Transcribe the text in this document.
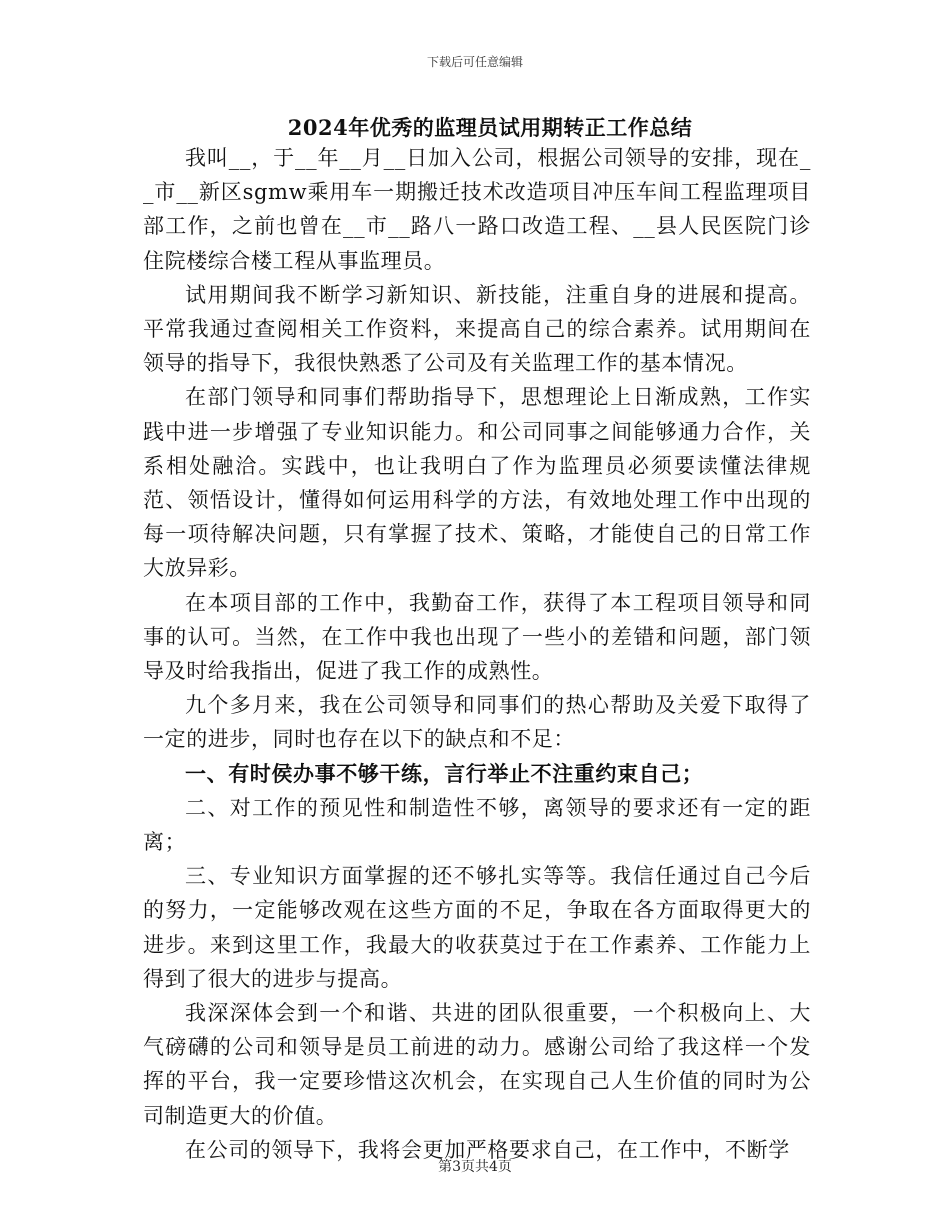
下载后可任意编辑
2024年优秀的监理员试用期转正工作总结

我叫__，于__年__月__日加入公司，根据公司领导的安排，现在__市__新区sgmw乘用车一期搬迁技术改造项目冲压车间工程监理项目部工作，之前也曾在__市__路八一路口改造工程、__县人民医院门诊住院楼综合楼工程从事监理员。

试用期间我不断学习新知识、新技能，注重自身的进展和提高。平常我通过查阅相关工作资料，来提高自己的综合素养。试用期间在领导的指导下，我很快熟悉了公司及有关监理工作的基本情况。

在部门领导和同事们帮助指导下，思想理论上日渐成熟，工作实践中进一步增强了专业知识能力。和公司同事之间能够通力合作，关系相处融洽。实践中，也让我明白了作为监理员必须要读懂法律规范、领悟设计，懂得如何运用科学的方法，有效地处理工作中出现的每一项待解决问题，只有掌握了技术、策略，才能使自己的日常工作大放异彩。

在本项目部的工作中，我勤奋工作，获得了本工程项目领导和同事的认可。当然，在工作中我也出现了一些小的差错和问题，部门领导及时给我指出，促进了我工作的成熟性。

九个多月来，我在公司领导和同事们的热心帮助及关爱下取得了一定的进步，同时也存在以下的缺点和不足：

一、有时侯办事不够干练，言行举止不注重约束自己；

二、对工作的预见性和制造性不够，离领导的要求还有一定的距离；

三、专业知识方面掌握的还不够扎实等等。我信任通过自己今后的努力，一定能够改观在这些方面的不足，争取在各方面取得更大的进步。来到这里工作，我最大的收获莫过于在工作素养、工作能力上得到了很大的进步与提高。

我深深体会到一个和谐、共进的团队很重要，一个积极向上、大气磅礴的公司和领导是员工前进的动力。感谢公司给了我这样一个发挥的平台，我一定要珍惜这次机会，在实现自己人生价值的同时为公司制造更大的价值。

在公司的领导下，我将会更加严格要求自己，在工作中，不断学

第3页共4页
